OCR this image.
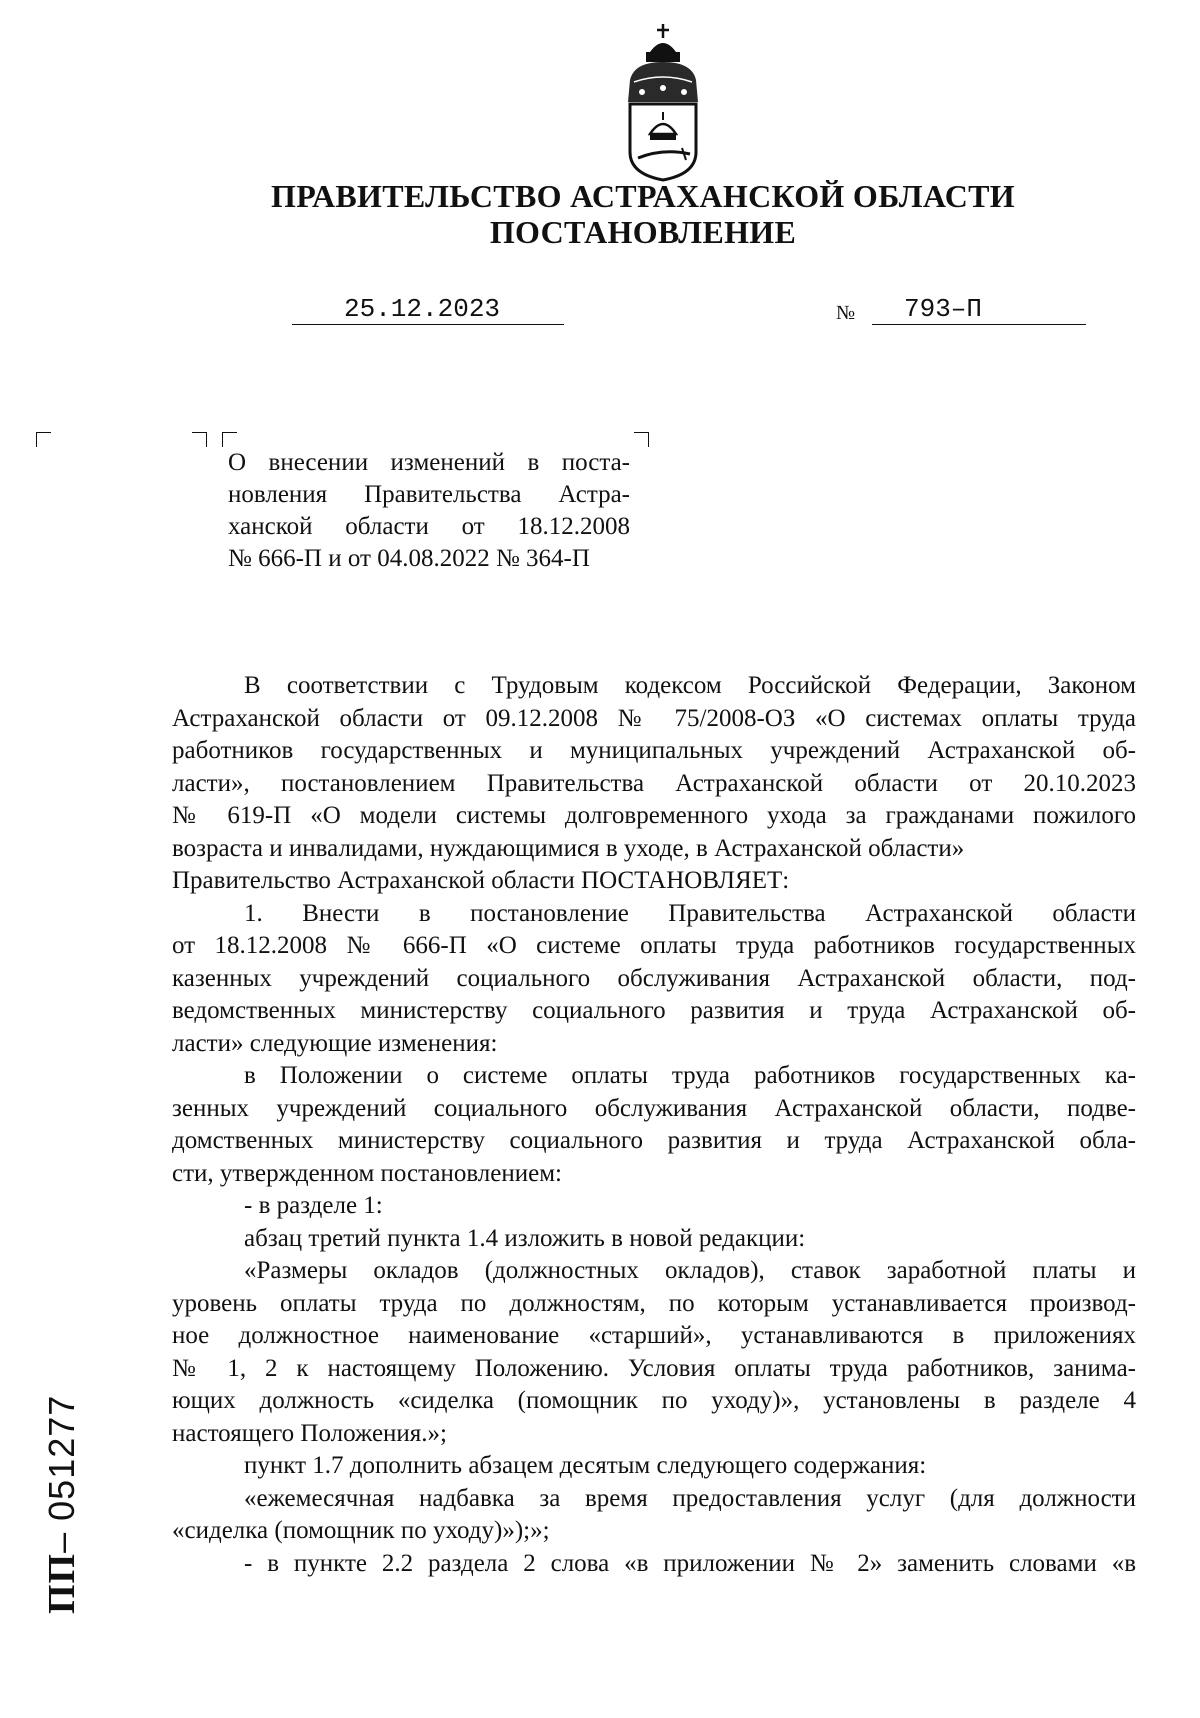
ПРАВИТЕЛЬСТВО АСТРАХАНСКОЙ ОБЛАСТИ
ПОСТАНОВЛЕНИЕ
25.12.2023	№ 793–П
О внесении изменений в поста-
новления Правительства Астра-
ханской области от 18.12.2008
№ 666-П и от 04.08.2022 № 364-П
В соответствии с Трудовым кодексом Российской Федерации, Законом
Астраханской области от 09.12.2008 № 75/2008-ОЗ «О системах оплаты труда
работников государственных и муниципальных учреждений Астраханской об-
ласти», постановлением Правительства Астраханской области от 20.10.2023
№ 619-П «О модели системы долговременного ухода за гражданами пожилого
возраста и инвалидами, нуждающимися в уходе, в Астраханской области»
Правительство Астраханской области ПОСТАНОВЛЯЕТ:
1. Внести в постановление Правительства Астраханской области
от 18.12.2008 № 666-П «О системе оплаты труда работников государственных
казенных учреждений социального обслуживания Астраханской области, под-
ведомственных министерству социального развития и труда Астраханской об-
ласти» следующие изменения:
в Положении о системе оплаты труда работников государственных ка-
зенных учреждений социального обслуживания Астраханской области, подве-
домственных министерству социального развития и труда Астраханской обла-
сти, утвержденном постановлением:
- в разделе 1:
абзац третий пункта 1.4 изложить в новой редакции:
«Размеры окладов (должностных окладов), ставок заработной платы и
уровень оплаты труда по должностям, по которым устанавливается производ-
ное должностное наименование «старший», устанавливаются в приложениях
№ 1, 2 к настоящему Положению. Условия оплаты труда работников, занима-
ющих должность «сиделка (помощник по уходу)», установлены в разделе 4
настоящего Положения.»;
пункт 1.7 дополнить абзацем десятым следующего содержания:
«ежемесячная надбавка за время предоставления услуг (для должности
«сиделка (помощник по уходу)»);»;
- в пункте 2.2 раздела 2 слова «в приложении № 2» заменить словами «в
ПП– 051277
